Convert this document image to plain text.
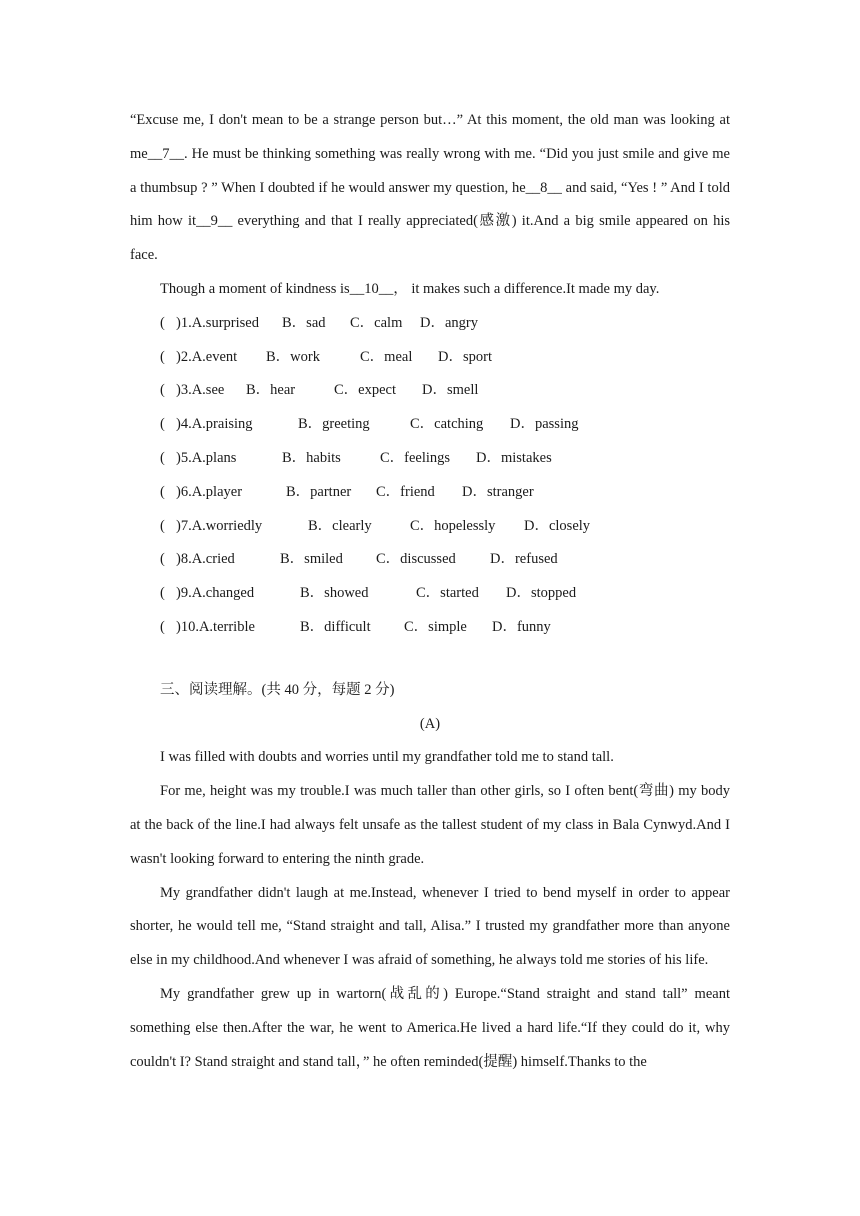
“Excuse me, I don't mean to be a strange person but…” At this moment, the old man was looking at me__7__. He must be thinking something was really wrong with me. “Did you just smile and give me a thumbsup ? ” When I doubted if he would answer my question, he__8__ and said, “Yes ! ” And I told him how it__9__ everything and that I really appreciated(感激) it.And a big smile appeared on his face.

Though a moment of kindness is__10__， it makes such a difference.It made my day.

( )1.A.surprised B．sad C．calm D．angry
( )2.A.event B．work	C．meal D．sport
( )3.A.see B．hear	C．expect D．smell
( )4.A.praising	B．greeting	C．catching D．passing
( )5.A.plans	B．habits	C．feelings D．mistakes
( )6.A.player	B．partner C．friend D．stranger
( )7.A.worriedly	B．clearly	C．hopelessly D．closely
( )8.A.cried	B．smiled C．discussed D．refused
( )9.A.changed	B．showed	C．started D．stopped
( )10.A.terrible	B．difficult C．simple D．funny

三、阅读理解。(共 40 分，每题 2 分)

(A)

I was filled with doubts and worries until my grandfather told me to stand tall.

For me, height was my trouble.I was much taller than other girls, so I often bent(弯曲) my body at the back of the line.I had always felt unsafe as the tallest student of my class in Bala Cynwyd.And I wasn't looking forward to entering the ninth grade.

My grandfather didn't laugh at me.Instead, whenever I tried to bend myself in order to appear shorter, he would tell me, “Stand straight and tall, Alisa.” I trusted my grandfather more than anyone else in my childhood.And whenever I was afraid of something, he always told me stories of his life.

My grandfather grew up in wartorn(战乱的) Europe.“Stand straight and stand tall” meant something else then.After the war, he went to America.He lived a hard life.“If they could do it, why couldn't I? Stand straight and stand tall，” he often reminded(提醒) himself.Thanks to the
